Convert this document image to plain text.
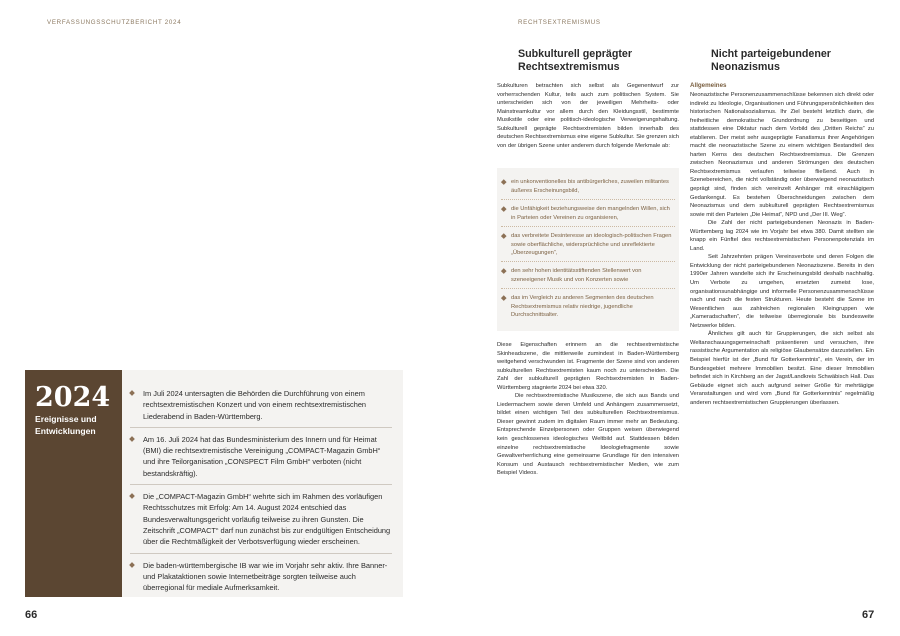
VERFASSUNGSSCHUTZBERICHT 2024
2024
Ereignisse und Entwicklungen
Im Juli 2024 untersagten die Behörden die Durchführung von einem rechtsextremistischen Konzert und von einem rechtsextremistischen Liederabend in Baden-Württemberg.
Am 16. Juli 2024 hat das Bundesministerium des Innern und für Heimat (BMI) die rechtsextremistische Vereinigung „COMPACT-Magazin GmbH“ und ihre Teilorganisation „CONSPECT Film GmbH“ verboten (nicht bestandskräftig).
Die „COMPACT-Magazin GmbH“ wehrte sich im Rahmen des vorläufigen Rechtsschutzes mit Erfolg: Am 14. August 2024 entschied das Bundesverwaltungsgericht vorläufig teilweise zu ihren Gunsten. Die Zeitschrift „COMPACT“ darf nun zunächst bis zur endgültigen Entscheidung über die Rechtmäßigkeit der Verbotsverfügung wieder erscheinen.
Die baden-württembergische IB war wie im Vorjahr sehr aktiv. Ihre Banner- und Plakataktionen sowie Internetbeiträge sorgten teilweise auch überregional für mediale Aufmerksamkeit.
66
RECHTSEXTREMISMUS
Subkulturell geprägter
Rechtsextremismus

Subkulturen betrachten sich selbst als Gegenentwurf zur vorherrschenden Kultur, teils auch zum politischen System. Sie unterscheiden sich von der jeweiligen Mehrheits- oder Mainstreamkultur vor allem durch den Kleidungsstil, bestimmte Musikstile oder eine politisch-ideologische Verweigerungshaltung. Subkulturell geprägte Rechtsextremisten bilden innerhalb des deutschen Rechtsextremismus eine eigene Subkultur. Sie grenzen sich von der übrigen Szene unter anderem durch folgende Merkmale ab:

ein unkonventionelles bis antibürgerliches, zuweilen militantes äußeres Erscheinungsbild,
die Unfähigkeit beziehungsweise den mangelnden Willen, sich in Parteien oder Vereinen zu organisieren,
das verbreitete Desinteresse an ideologisch-politischen Fragen sowie oberflächliche, widersprüchliche und unreflektierte „Überzeugungen“,
den sehr hohen identitätsstiftenden Stellenwert von szeneeigener Musik und von Konzerten sowie
das im Vergleich zu anderen Segmenten des deutschen Rechtsextremismus relativ niedrige, jugendliche Durchschnittsalter.

Diese Eigenschaften erinnern an die rechtsextremistische Skinheadszene, die mittlerweile zumindest in Baden-Württemberg weitgehend verschwunden ist. Fragmente der Szene sind von anderen subkulturellen Rechtsextremisten kaum noch zu unterscheiden. Die Zahl der subkulturell geprägten Rechtsextremisten in Baden-Württemberg stagnierte 2024 bei etwa 320.

Die rechtsextremistische Musikszene, die sich aus Bands und Liedermachern sowie deren Umfeld und Anhängern zusammensetzt, bildet einen wichtigen Teil des subkulturellen Rechtsextremismus. Dieser gewinnt zudem im digitalen Raum immer mehr an Bedeutung. Entsprechende Einzelpersonen oder Gruppen weisen überwiegend kein geschlossenes ideologisches Weltbild auf. Stattdessen bilden einzelne rechtsextremistische Ideologiefragmente sowie Gewaltverherrlichung eine gemeinsame Grundlage für den intensiven Konsum und Austausch rechtsextremistischer Medien, wie zum Beispiel Videos.

Nicht parteigebundener
Neonazismus
Allgemeines

Neonazistische Personenzusammenschlüsse bekennen sich direkt oder indirekt zu Ideologie, Organisationen und Führungspersönlichkeiten des historischen Nationalsozialismus. Ihr Ziel besteht letztlich darin, die freiheitliche demokratische Grundordnung zu beseitigen und stattdessen eine Diktatur nach dem Vorbild des „Dritten Reichs“ zu etablieren. Der meist sehr ausgeprägte Fanatismus ihrer Angehörigen macht die neonazistische Szene zu einem wichtigen Bestandteil des harten Kerns des deutschen Rechtsextremismus. Die Grenzen zwischen Neonazismus und anderen Strömungen des deutschen Rechtsextremismus verlaufen teilweise fließend. Auch in Szenebereichen, die nicht vollständig oder überwiegend neonazistisch geprägt sind, finden sich vereinzelt Anhänger mit einschlägigem Gedankengut. Es bestehen Überschneidungen zwischen dem Neonazismus und dem subkulturell geprägten Rechtsextremismus sowie mit den Parteien „Die Heimat“, NPD und „Der III. Weg“.

Die Zahl der nicht parteigebundenen Neonazis in Baden-Württemberg lag 2024 wie im Vorjahr bei etwa 380. Damit stellten sie knapp ein Fünftel des rechtsextremistischen Personenpotenzials im Land.

Seit Jahrzehnten prägen Vereinsverbote und deren Folgen die Entwicklung der nicht parteigebundenen Neonaziszene. Bereits in den 1990er Jahren wandelte sich ihr Erscheinungsbild deshalb nachhaltig. Um Verbote zu umgehen, ersetzten zumeist lose, organisationsunabhängige und informelle Personenzusammenschlüsse nach und nach die festen Strukturen. Heute besteht die Szene im Wesentlichen aus zahlreichen regionalen Kleingruppen wie „Kameradschaften“, die teilweise überregionale bis bundesweite Netzwerke bilden.

Ähnliches gilt auch für Gruppierungen, die sich selbst als Weltanschauungsgemeinschaft präsentieren und versuchen, ihre rassistische Argumentation als religiöse Glaubensätze darzustellen. Ein Beispiel hierfür ist der „Bund für Gotterkenntnis“, ein Verein, der im Bundesgebiet mehrere Immobilien besitzt. Eine dieser Immobilien befindet sich in Kirchberg an der Jagst/Landkreis Schwäbisch Hall. Das Gebäude eignet sich auch aufgrund seiner Größe für mehrtägige Veranstaltungen und wird vom „Bund für Gotterkenntnis“ regelmäßig anderen rechtsextremistischen Gruppierungen überlassen.

67
